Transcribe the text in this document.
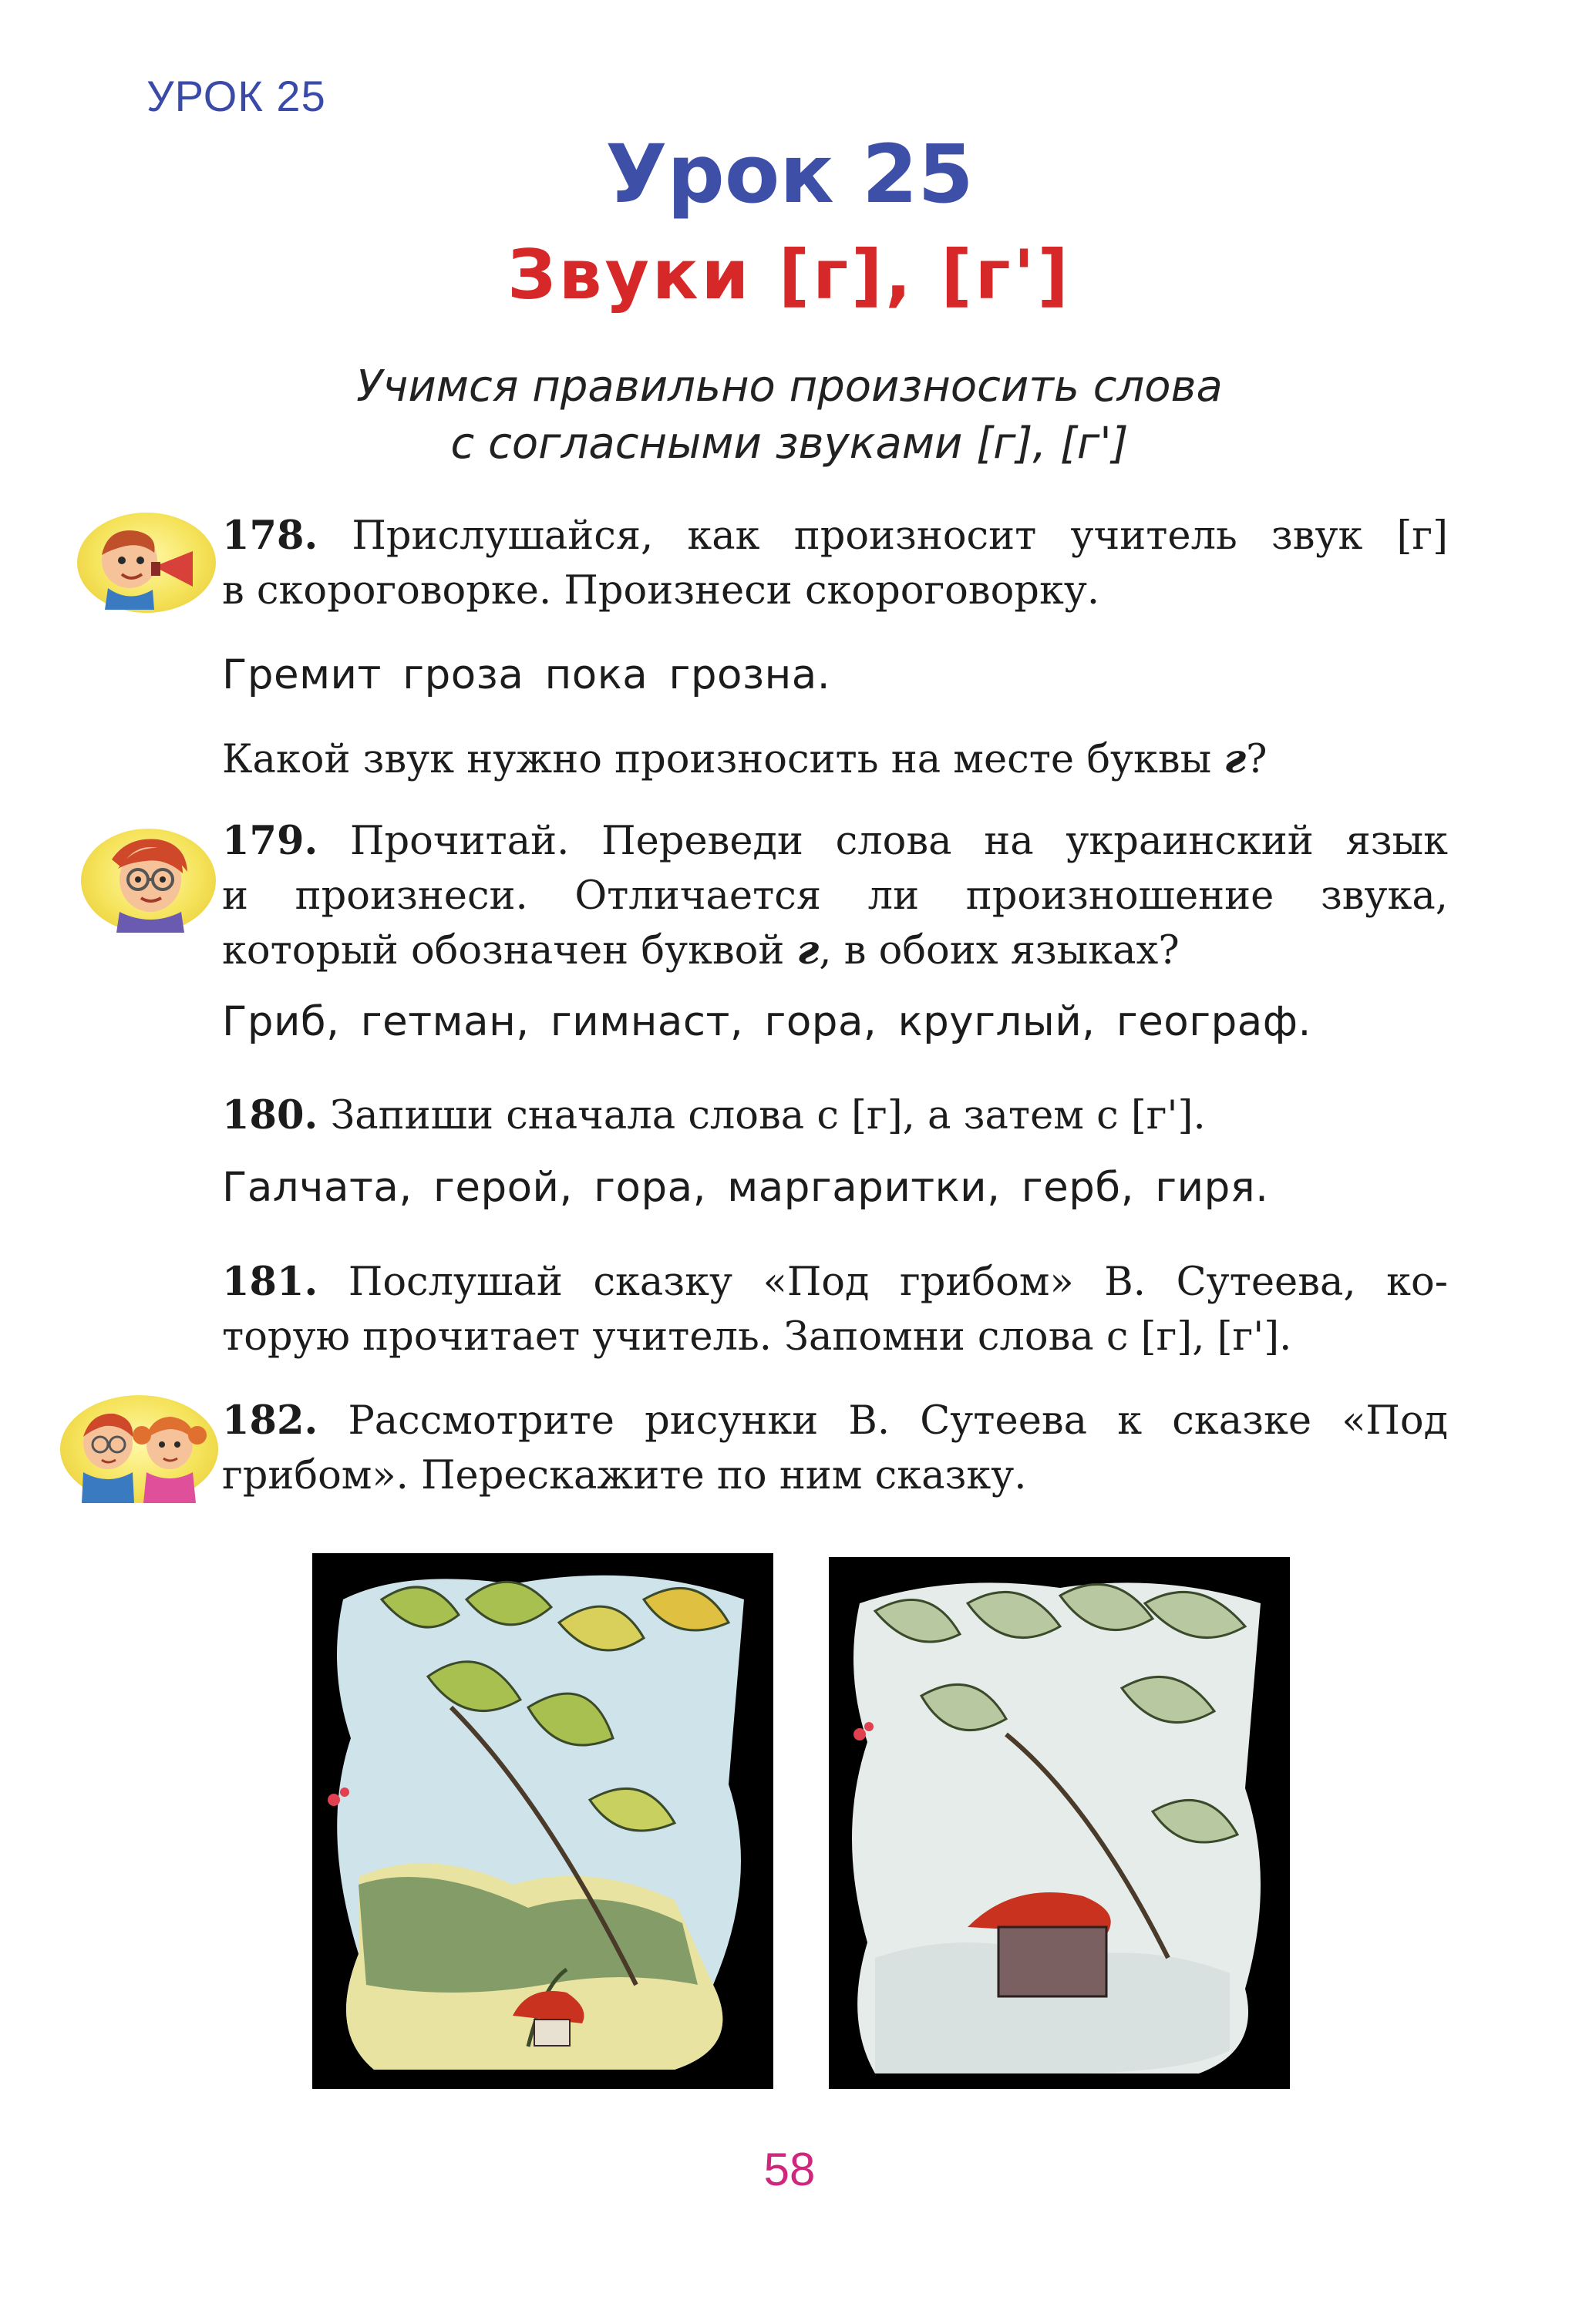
УРОК 25
Урок 25
Звуки [г], [г']
Учимся правильно произносить слова
с согласными звуками [г], [г']
178. Прислушайся, как произносит учитель звук [г]
в скороговорке. Произнеси скороговорку.
Гремит гроза пока грозна.
Какой звук нужно произносить на месте буквы г?
179. Прочитай. Переведи слова на украинский язык
и произнеси. Отличается ли произношение звука,
который обозначен буквой г, в обоих языках?
Гриб, гетман, гимнаст, гора, круглый, географ.
180. Запиши сначала слова с [г], а затем с [г'].
Галчата, герой, гора, маргаритки, герб, гиря.
181. Послушай сказку «Под грибом» В. Сутеева, ко-
торую прочитает учитель. Запомни слова с [г], [г'].
182. Рассмотрите рисунки В. Сутеева к сказке «Под
грибом». Перескажите по ним сказку.
58
